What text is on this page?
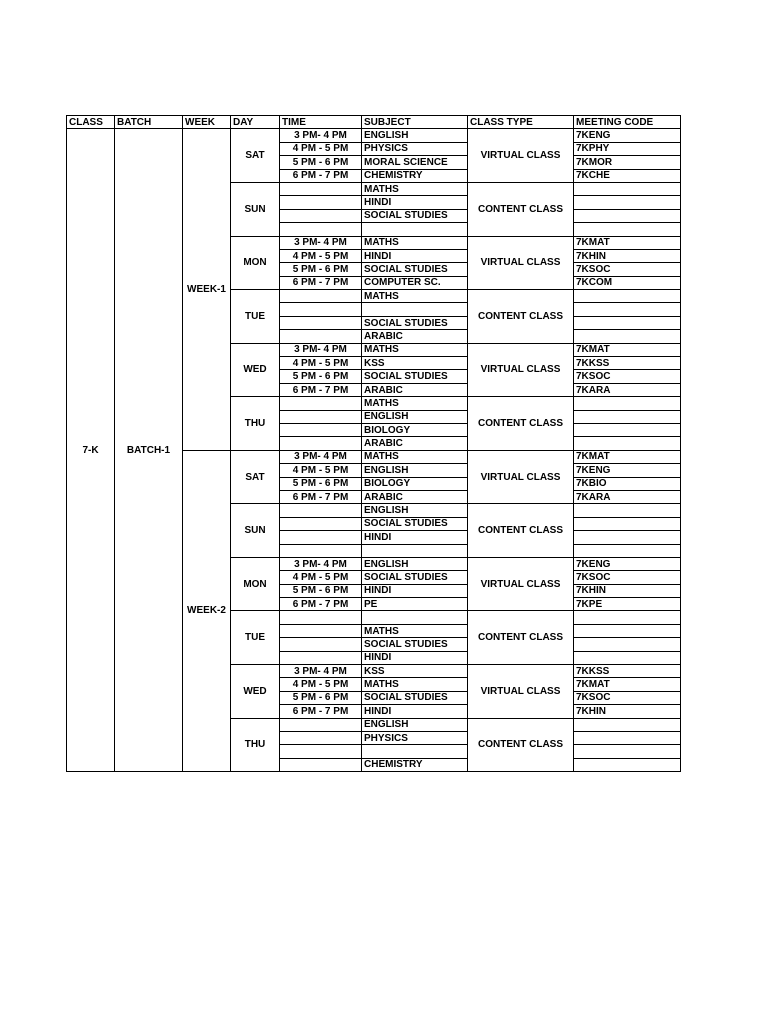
CLASS	BATCH	WEEK	DAY	TIME	SUBJECT	CLASS TYPE	MEETING CODE
7-K	BATCH-1	WEEK-1	SAT	3 PM- 4 PM	ENGLISH	VIRTUAL CLASS	7KENG
				4 PM - 5 PM	PHYSICS		7KPHY
				5 PM - 6 PM	MORAL SCIENCE		7KMOR
				6 PM - 7 PM	CHEMISTRY		7KCHE
			SUN		MATHS	CONTENT CLASS	
					HINDI		
					SOCIAL STUDIES		

			MON	3 PM- 4 PM	MATHS	VIRTUAL CLASS	7KMAT
				4 PM - 5 PM	HINDI		7KHIN
				5 PM - 6 PM	SOCIAL STUDIES		7KSOC
				6 PM - 7 PM	COMPUTER SC.		7KCOM
			TUE		MATHS	CONTENT CLASS	

					SOCIAL STUDIES		
					ARABIC		
			WED	3 PM- 4 PM	MATHS	VIRTUAL CLASS	7KMAT
				4 PM - 5 PM	KSS		7KKSS
				5 PM - 6 PM	SOCIAL STUDIES		7KSOC
				6 PM - 7 PM	ARABIC		7KARA
			THU		MATHS	CONTENT CLASS	
					ENGLISH		
					BIOLOGY		
					ARABIC		
		WEEK-2	SAT	3 PM- 4 PM	MATHS	VIRTUAL CLASS	7KMAT
				4 PM - 5 PM	ENGLISH		7KENG
				5 PM - 6 PM	BIOLOGY		7KBIO
				6 PM - 7 PM	ARABIC		7KARA
			SUN		ENGLISH	CONTENT CLASS	
					SOCIAL STUDIES		
					HINDI		

			MON	3 PM- 4 PM	ENGLISH	VIRTUAL CLASS	7KENG
				4 PM - 5 PM	SOCIAL STUDIES		7KSOC
				5 PM - 6 PM	HINDI		7KHIN
				6 PM - 7 PM	PE		7KPE
			TUE			CONTENT CLASS	
					MATHS		
					SOCIAL STUDIES		
					HINDI		
			WED	3 PM- 4 PM	KSS	VIRTUAL CLASS	7KKSS
				4 PM - 5 PM	MATHS		7KMAT
				5 PM - 6 PM	SOCIAL STUDIES		7KSOC
				6 PM - 7 PM	HINDI		7KHIN
			THU		ENGLISH	CONTENT CLASS	
					PHYSICS		

					CHEMISTRY		
